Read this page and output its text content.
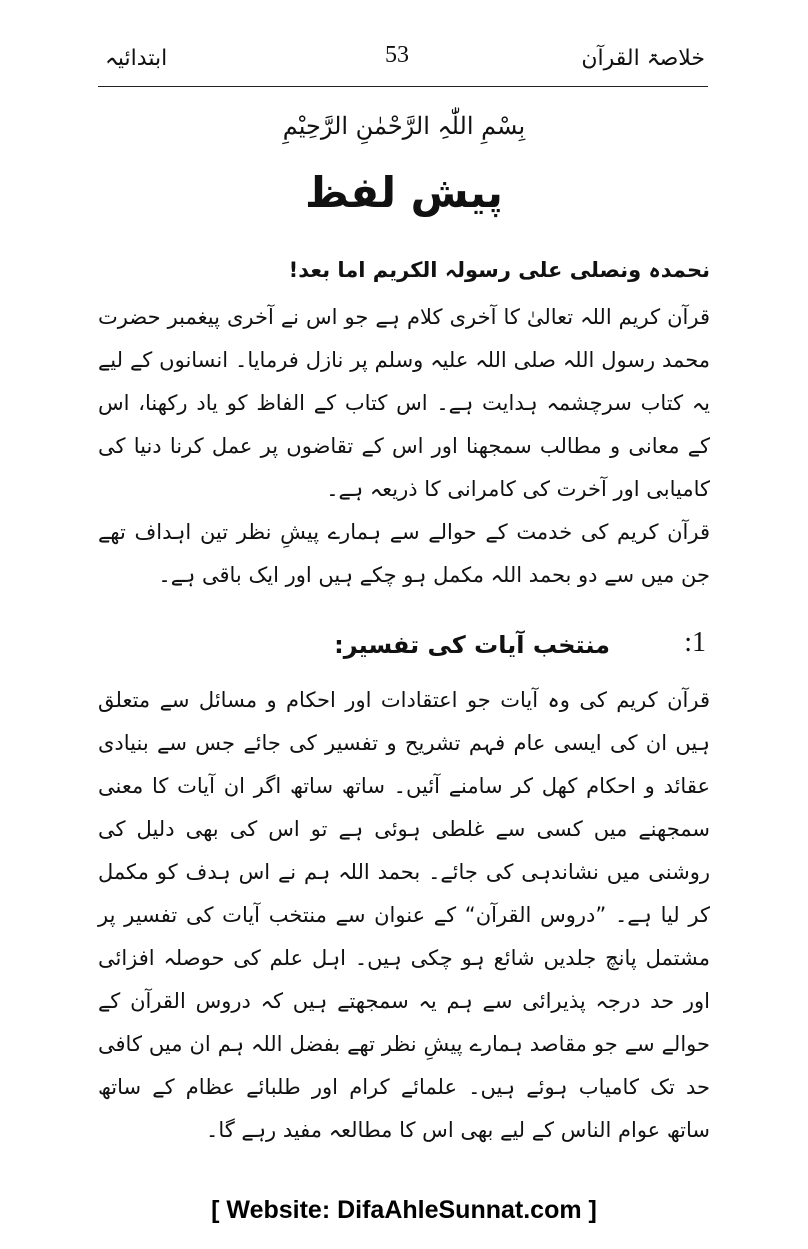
خلاصۃ القرآن
53
ابتدائیہ
بِسْمِ اللّٰہِ الرَّحْمٰنِ الرَّحِیْمِ
پیش لفظ

نحمدہ ونصلی علی رسولہ الکریم اما بعد!

قرآن کریم اللہ تعالیٰ کا آخری کلام ہے جو اس نے آخری پیغمبر حضرت محمد رسول اللہ صلی اللہ علیہ وسلم پر نازل فرمایا۔ انسانوں کے لیے یہ کتاب سرچشمہ ہدایت ہے۔ اس کتاب کے الفاظ کو یاد رکھنا، اس کے معانی و مطالب سمجھنا اور اس کے تقاضوں پر عمل کرنا دنیا کی کامیابی اور آخرت کی کامرانی کا ذریعہ ہے۔

قرآن کریم کی خدمت کے حوالے سے ہمارے پیشِ نظر تین اہداف تھے جن میں سے دو بحمد اللہ مکمل ہو چکے ہیں اور ایک باقی ہے۔

1:
منتخب آیات کی تفسیر:

قرآن کریم کی وہ آیات جو اعتقادات اور احکام و مسائل سے متعلق ہیں ان کی ایسی عام فہم تشریح و تفسیر کی جائے جس سے بنیادی عقائد و احکام کھل کر سامنے آئیں۔ ساتھ ساتھ اگر ان آیات کا معنی سمجھنے میں کسی سے غلطی ہوئی ہے تو اس کی بھی دلیل کی روشنی میں نشاندہی کی جائے۔ بحمد اللہ ہم نے اس ہدف کو مکمل کر لیا ہے۔ ”دروس القرآن“ کے عنوان سے منتخب آیات کی تفسیر پر مشتمل پانچ جلدیں شائع ہو چکی ہیں۔ اہل علم کی حوصلہ افزائی اور حد درجہ پذیرائی سے ہم یہ سمجھتے ہیں کہ دروس القرآن کے حوالے سے جو مقاصد ہمارے پیشِ نظر تھے بفضل اللہ ہم ان میں کافی حد تک کامیاب ہوئے ہیں۔ علمائے کرام اور طلبائے عظام کے ساتھ ساتھ عوام الناس کے لیے بھی اس کا مطالعہ مفید رہے گا۔

[ Website: DifaAhleSunnat.com ]
